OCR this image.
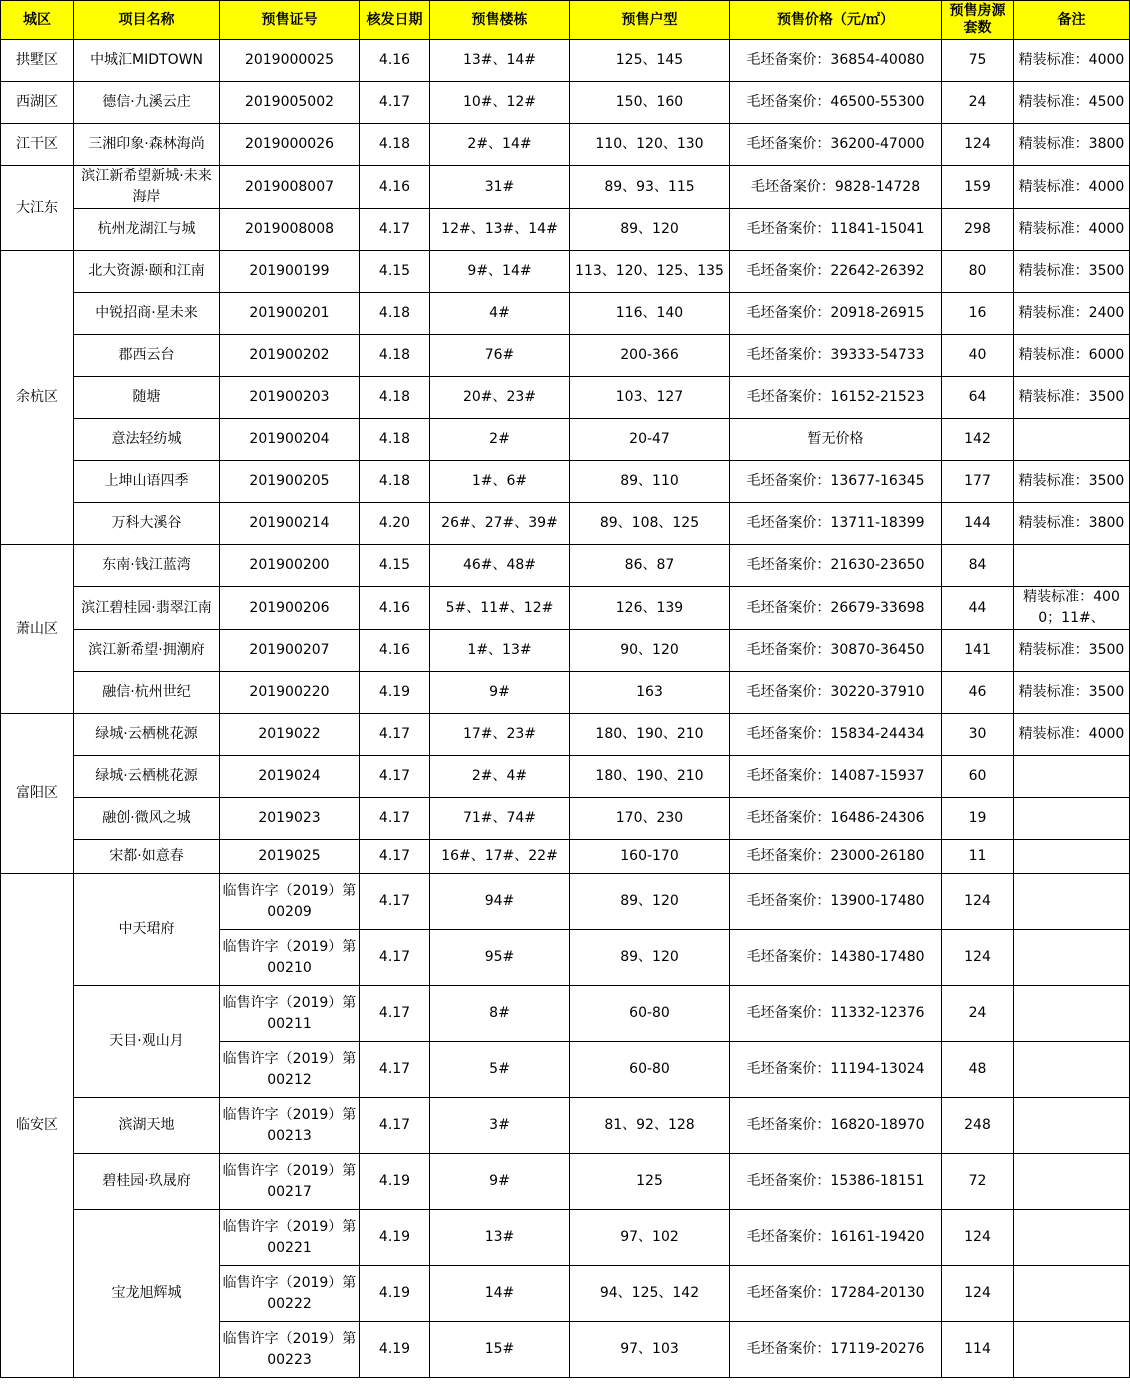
城区	项目名称	预售证号	核发日期	预售楼栋	预售户型	预售价格（元/㎡）	预售房源套数	备注
拱墅区	中城汇MIDTOWN	2019000025	4.16	13#、14#	125、145	毛坯备案价：36854-40080	75	精装标准：4000
西湖区	德信·九溪云庄	2019005002	4.17	10#、12#	150、160	毛坯备案价：46500-55300	24	精装标准：4500
江干区	三湘印象·森林海尚	2019000026	4.18	2#、14#	110、120、130	毛坯备案价：36200-47000	124	精装标准：3800
大江东	滨江新希望新城·未来海岸	2019008007	4.16	31#	89、93、115	毛坯备案价：9828-14728	159	精装标准：4000
	杭州龙湖江与城	2019008008	4.17	12#、13#、14#	89、120	毛坯备案价：11841-15041	298	精装标准：4000
余杭区	北大资源·颐和江南	201900199	4.15	9#、14#	113、120、125、135	毛坯备案价：22642-26392	80	精装标准：3500
	中锐招商·星未来	201900201	4.18	4#	116、140	毛坯备案价：20918-26915	16	精装标准：2400
	郡西云台	201900202	4.18	76#	200-366	毛坯备案价：39333-54733	40	精装标准：6000
	随塘	201900203	4.18	20#、23#	103、127	毛坯备案价：16152-21523	64	精装标准：3500
	意法轻纺城	201900204	4.18	2#	20-47	暂无价格	142	
	上坤山语四季	201900205	4.18	1#、6#	89、110	毛坯备案价：13677-16345	177	精装标准：3500
	万科大溪谷	201900214	4.20	26#、27#、39#	89、108、125	毛坯备案价：13711-18399	144	精装标准：3800
萧山区	东南·钱江蓝湾	201900200	4.15	46#、48#	86、87	毛坯备案价：21630-23650	84	
	滨江碧桂园·翡翠江南	201900206	4.16	5#、11#、12#	126、139	毛坯备案价：26679-33698	44	精装标准：4000；11#、
	滨江新希望·拥潮府	201900207	4.16	1#、13#	90、120	毛坯备案价：30870-36450	141	精装标准：3500
	融信·杭州世纪	201900220	4.19	9#	163	毛坯备案价：30220-37910	46	精装标准：3500
富阳区	绿城·云栖桃花源	2019022	4.17	17#、23#	180、190、210	毛坯备案价：15834-24434	30	精装标准：4000
	绿城·云栖桃花源	2019024	4.17	2#、4#	180、190、210	毛坯备案价：14087-15937	60	
	融创·微风之城	2019023	4.17	71#、74#	170、230	毛坯备案价：16486-24306	19	
	宋都·如意春	2019025	4.17	16#、17#、22#	160-170	毛坯备案价：23000-26180	11	
临安区	中天珺府	临售许字（2019）第00209	4.17	94#	89、120	毛坯备案价：13900-17480	124	
		临售许字（2019）第00210	4.17	95#	89、120	毛坯备案价：14380-17480	124	
	天目·观山月	临售许字（2019）第00211	4.17	8#	60-80	毛坯备案价：11332-12376	24	
		临售许字（2019）第00212	4.17	5#	60-80	毛坯备案价：11194-13024	48	
	滨湖天地	临售许字（2019）第00213	4.17	3#	81、92、128	毛坯备案价：16820-18970	248	
	碧桂园·玖晟府	临售许字（2019）第00217	4.19	9#	125	毛坯备案价：15386-18151	72	
	宝龙旭辉城	临售许字（2019）第00221	4.19	13#	97、102	毛坯备案价：16161-19420	124	
		临售许字（2019）第00222	4.19	14#	94、125、142	毛坯备案价：17284-20130	124	
		临售许字（2019）第00223	4.19	15#	97、103	毛坯备案价：17119-20276	114	
